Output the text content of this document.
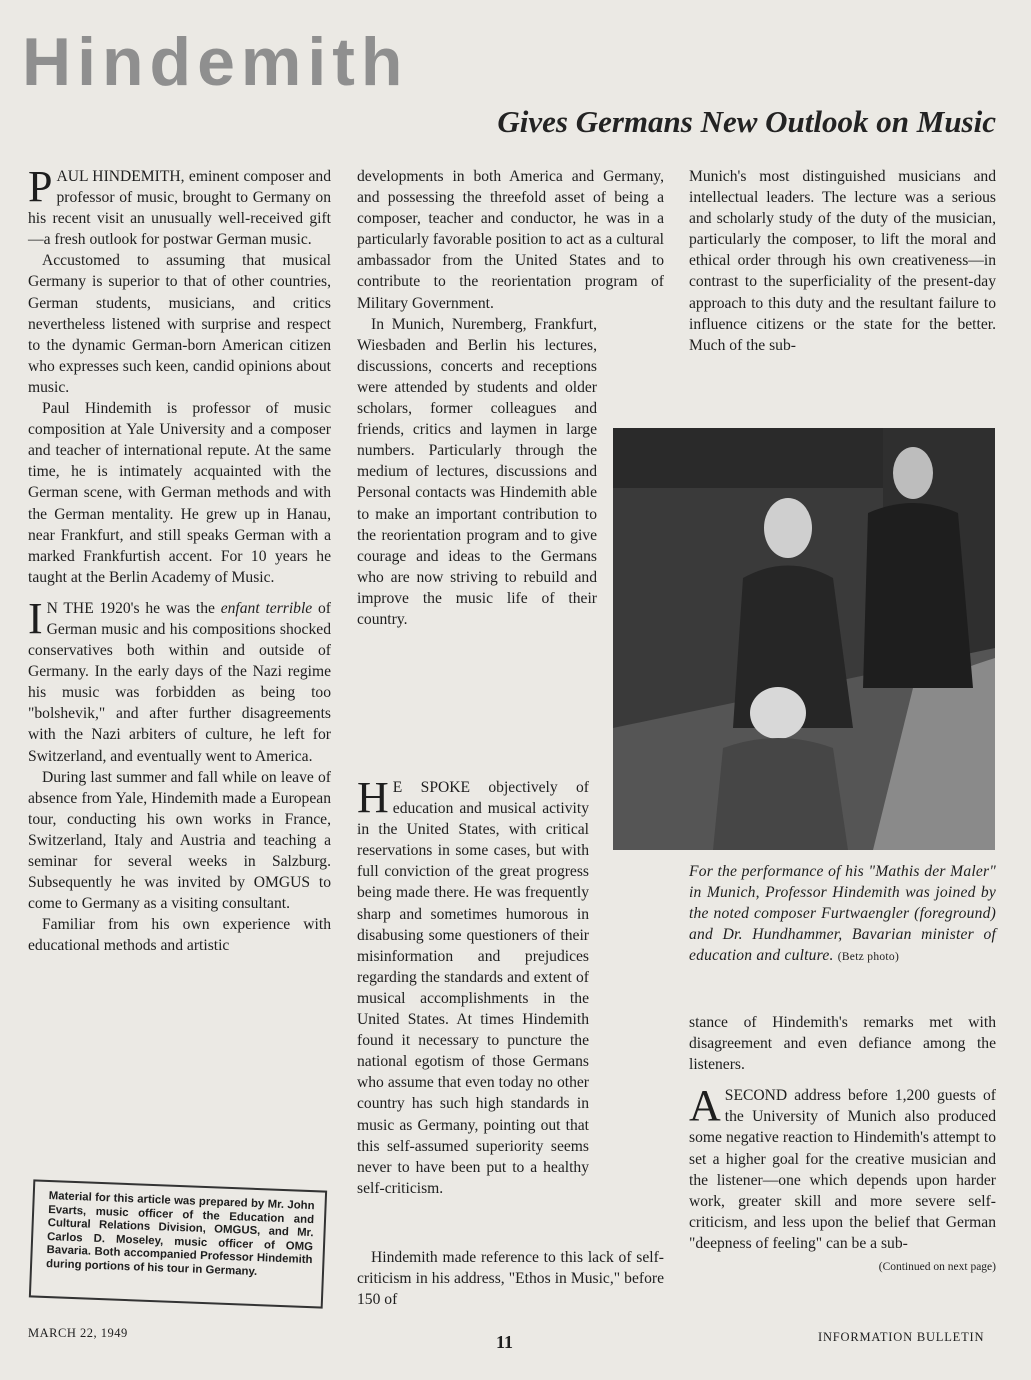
Hindemith
Gives Germans New Outlook on Music

PAUL HINDEMITH, eminent composer and professor of music, brought to Germany on his recent visit an unusually well-received gift —a fresh outlook for postwar German music.

Accustomed to assuming that musical Germany is superior to that of other countries, German students, musicians, and critics nevertheless listened with surprise and respect to the dynamic German-born American citizen who expresses such keen, candid opinions about music.

Paul Hindemith is professor of music composition at Yale University and a composer and teacher of international repute. At the same time, he is intimately acquainted with the German scene, with German methods and with the German mentality. He grew up in Hanau, near Frankfurt, and still speaks German with a marked Frankfurtish accent. For 10 years he taught at the Berlin Academy of Music.

IN THE 1920's he was the enfant terrible of German music and his compositions shocked conservatives both within and outside of Germany. In the early days of the Nazi regime his music was forbidden as being too "bolshevik," and after further disagreements with the Nazi arbiters of culture, he left for Switzerland, and eventually went to America.

During last summer and fall while on leave of absence from Yale, Hindemith made a European tour, conducting his own works in France, Switzerland, Italy and Austria and teaching a seminar for several weeks in Salzburg. Subsequently he was invited by OMGUS to come to Germany as a visiting consultant.

Familiar from his own experience with educational methods and artistic

developments in both America and Germany, and possessing the threefold asset of being a composer, teacher and conductor, he was in a particularly favorable position to act as a cultural ambassador from the United States and to contribute to the reorientation program of Military Government.

In Munich, Nuremberg, Frankfurt, Wiesbaden and Berlin his lectures, discussions, concerts and receptions were attended by students and older scholars, former colleagues and friends, critics and laymen in large numbers. Particularly through the medium of lectures, discussions and Personal contacts was Hindemith able to make an important contribution to the reorientation program and to give courage and ideas to the Germans who are now striving to rebuild and improve the music life of their country.

HE SPOKE objectively of education and musical activity in the United States, with critical reservations in some cases, but with full conviction of the great progress being made there. He was frequently sharp and sometimes humorous in disabusing some questioners of their misinformation and prejudices regarding the standards and extent of musical accomplishments in the United States. At times Hindemith found it necessary to puncture the national egotism of those Germans who assume that even today no other country has such high standards in music as Germany, pointing out that this self-assumed superiority seems never to have been put to a healthy self-criticism.

Hindemith made reference to this lack of self-criticism in his address, "Ethos in Music," before 150 of

Munich's most distinguished musicians and intellectual leaders. The lecture was a serious and scholarly study of the duty of the musician, particularly the composer, to lift the moral and ethical order through his own creativeness—in contrast to the superficiality of the present-day approach to this duty and the resultant failure to influence citizens or the state for the better. Much of the sub-

For the performance of his "Mathis der Maler" in Munich, Professor Hindemith was joined by the noted composer Furtwaengler (foreground) and Dr. Hundhammer, Bavarian minister of education and culture. (Betz photo)

stance of Hindemith's remarks met with disagreement and even defiance among the listeners.

ASECOND address before 1,200 guests of the University of Munich also produced some negative reaction to Hindemith's attempt to set a higher goal for the creative musician and the listener—one which depends upon harder work, greater skill and more severe self-criticism, and less upon the belief that German "deepness of feeling" can be a sub-

(Continued on next page)

Material for this article was prepared by Mr. John Evarts, music officer of the Education and Cultural Relations Division, OMGUS, and Mr. Carlos D. Moseley, music officer of OMG Bavaria. Both accompanied Professor Hindemith during portions of his tour in Germany.

MARCH 22, 1949	11	INFORMATION BULLETIN
